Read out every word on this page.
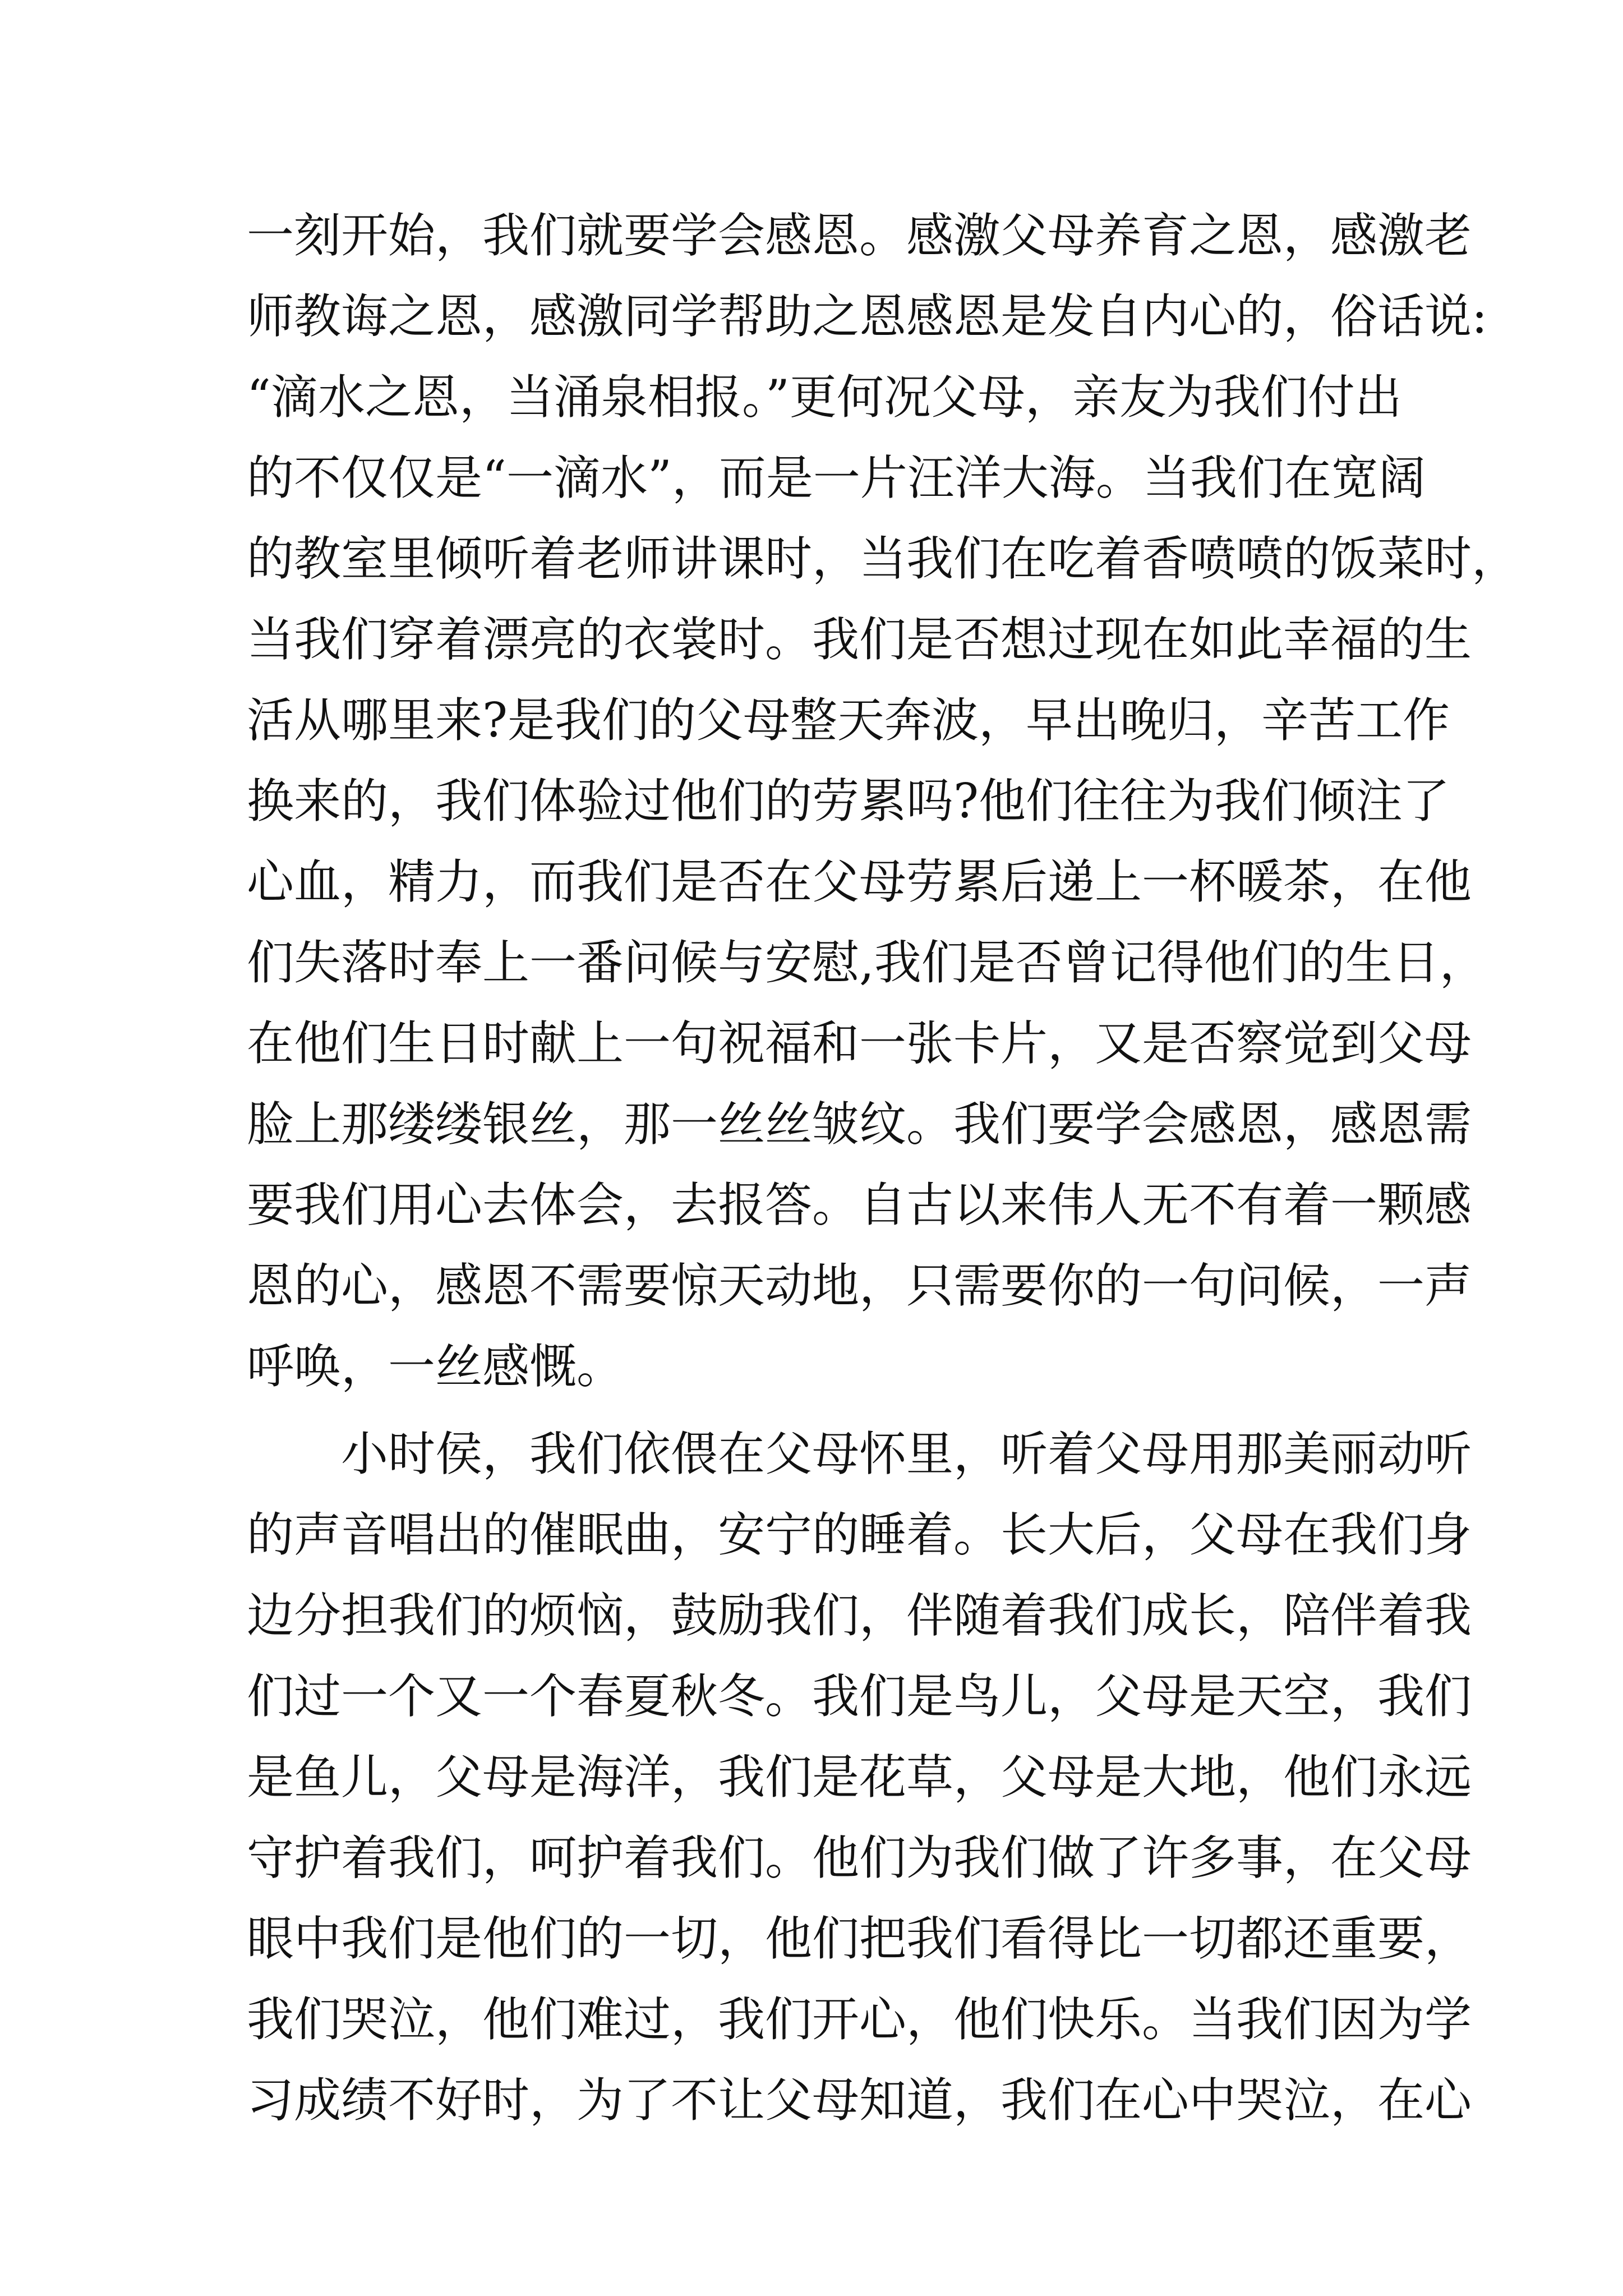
一刻开始，我们就要学会感恩。感激父母养育之恩，感激老
师教诲之恩，感激同学帮助之恩感恩是发自内心的，俗话说:
“滴水之恩，当涌泉相报。”更何况父母，亲友为我们付出
的不仅仅是“一滴水”，而是一片汪洋大海。当我们在宽阔
的教室里倾听着老师讲课时，当我们在吃着香喷喷的饭菜时，
当我们穿着漂亮的衣裳时。我们是否想过现在如此幸福的生
活从哪里来?是我们的父母整天奔波，早出晚归，辛苦工作
换来的，我们体验过他们的劳累吗?他们往往为我们倾注了
心血，精力，而我们是否在父母劳累后递上一杯暖茶，在他
们失落时奉上一番问候与安慰,我们是否曾记得他们的生日，
在他们生日时献上一句祝福和一张卡片，又是否察觉到父母
脸上那缕缕银丝，那一丝丝皱纹。我们要学会感恩，感恩需
要我们用心去体会，去报答。自古以来伟人无不有着一颗感
恩的心，感恩不需要惊天动地，只需要你的一句问候，一声
呼唤，一丝感慨。
小时侯，我们依偎在父母怀里，听着父母用那美丽动听
的声音唱出的催眠曲，安宁的睡着。长大后，父母在我们身
边分担我们的烦恼，鼓励我们，伴随着我们成长，陪伴着我
们过一个又一个春夏秋冬。我们是鸟儿，父母是天空，我们
是鱼儿，父母是海洋，我们是花草，父母是大地，他们永远
守护着我们，呵护着我们。他们为我们做了许多事，在父母
眼中我们是他们的一切，他们把我们看得比一切都还重要，
我们哭泣，他们难过，我们开心，他们快乐。当我们因为学
习成绩不好时，为了不让父母知道，我们在心中哭泣，在心
